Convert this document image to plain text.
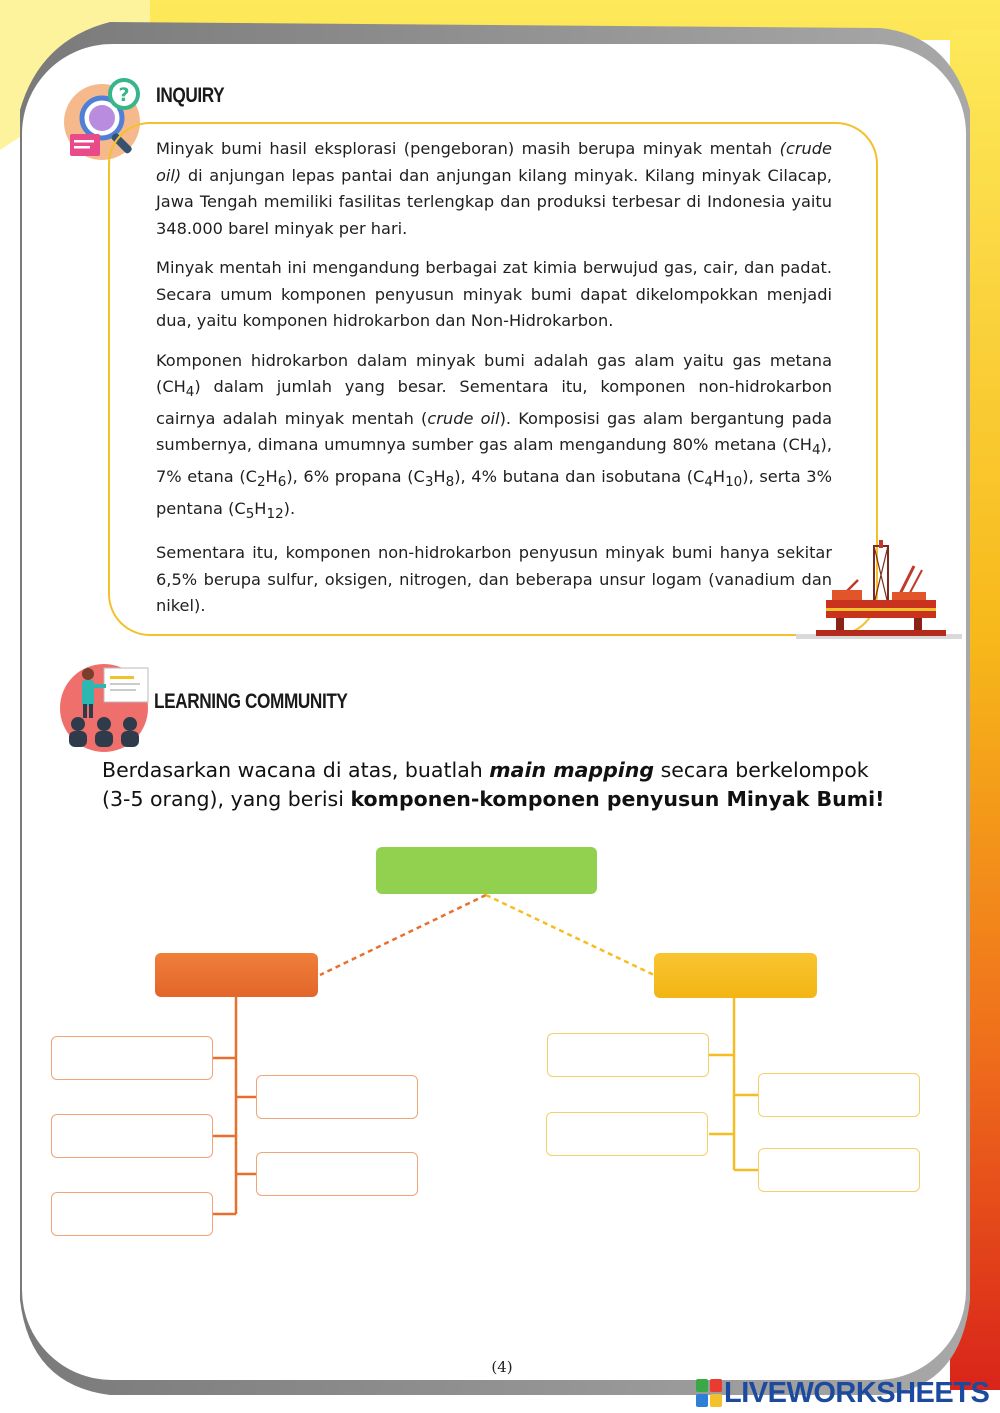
? INQUIRY

Minyak bumi hasil eksplorasi (pengeboran) masih berupa minyak mentah (crude oil) di anjungan lepas pantai dan anjungan kilang minyak. Kilang minyak Cilacap, Jawa Tengah memiliki fasilitas terlengkap dan produksi terbesar di Indonesia yaitu 348.000 barel minyak per hari.

Minyak mentah ini mengandung berbagai zat kimia berwujud gas, cair, dan padat. Secara umum komponen penyusun minyak bumi dapat dikelompokkan menjadi dua, yaitu komponen hidrokarbon dan Non-Hidrokarbon.

Komponen hidrokarbon dalam minyak bumi adalah gas alam yaitu gas metana $(CH_4)$ dalam jumlah yang besar. Sementara itu, komponen non-hidrokarbon cairnya adalah minyak mentah (crude oil). Komposisi gas alam bergantung pada sumbernya, dimana umumnya sumber gas alam mengandung 80% metana $(CH_4)$, 7% etana $(C_2H_6)$, 6% propana $(C_3H_8)$, 4% butana dan isobutana $(C_4H_{10})$, serta 3% pentana $(C_5H_{12})$.

Sementara itu, komponen non-hidrokarbon penyusun minyak bumi hanya sekitar 6,5% berupa sulfur, oksigen, nitrogen, dan beberapa unsur logam (vanadium dan nikel).

LEARNING COMMUNITY
Berdasarkan wacana di atas, buatlah main mapping secara berkelompok (3-5 orang), yang berisi komponen-komponen penyusun Minyak Bumi!
(4)
LIVEWORKSHEETS
